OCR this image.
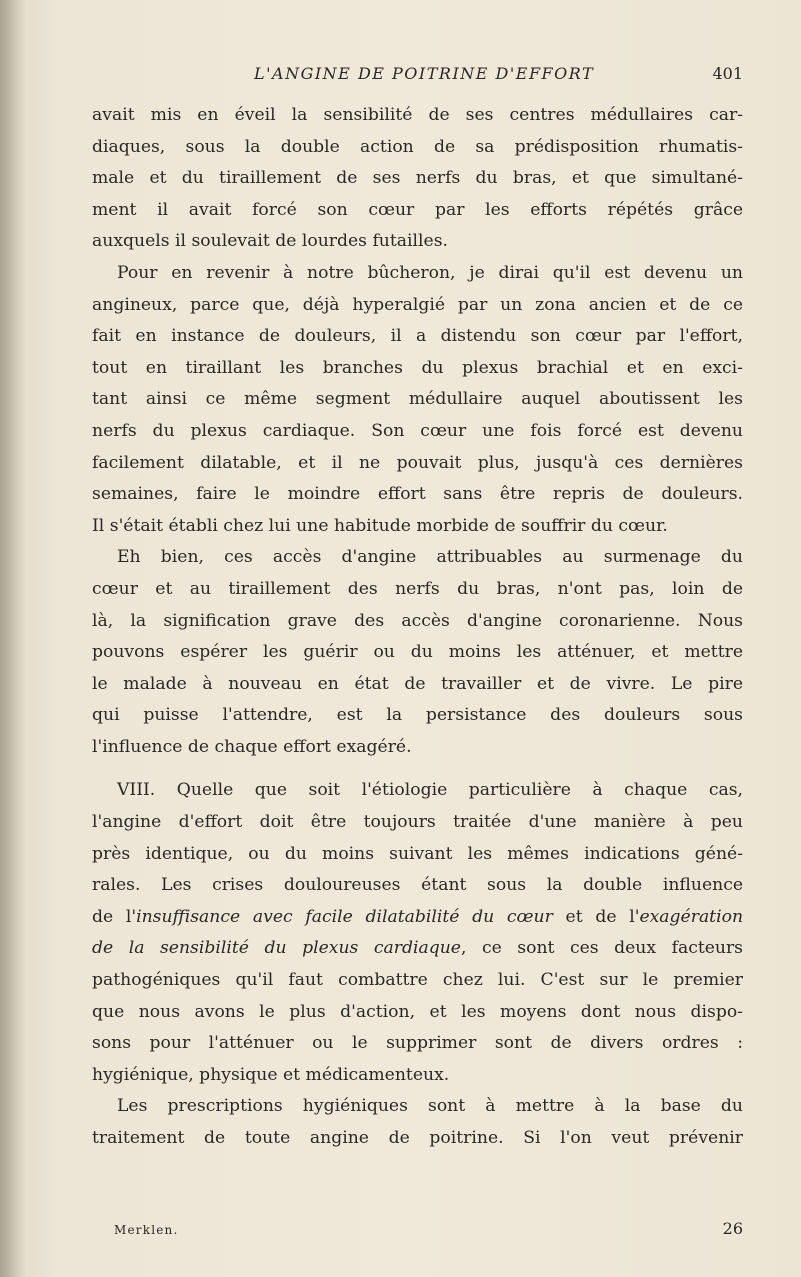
L'ANGINE DE POITRINE D'EFFORT	401
avait mis en éveil la sensibilité de ses centres médullaires car-
diaques, sous la double action de sa prédisposition rhumatis-
male et du tiraillement de ses nerfs du bras, et que simultané-
ment il avait forcé son cœur par les efforts répétés grâce
auxquels il soulevait de lourdes futailles.
Pour en revenir à notre bûcheron, je dirai qu'il est devenu un
angineux, parce que, déjà hyperalgié par un zona ancien et de ce
fait en instance de douleurs, il a distendu son cœur par l'effort,
tout en tiraillant les branches du plexus brachial et en exci-
tant ainsi ce même segment médullaire auquel aboutissent les
nerfs du plexus cardiaque. Son cœur une fois forcé est devenu
facilement dilatable, et il ne pouvait plus, jusqu'à ces dernières
semaines, faire le moindre effort sans être repris de douleurs.
Il s'était établi chez lui une habitude morbide de souffrir du cœur.
Eh bien, ces accès d'angine attribuables au surmenage du
cœur et au tiraillement des nerfs du bras, n'ont pas, loin de
là, la signification grave des accès d'angine coronarienne. Nous
pouvons espérer les guérir ou du moins les atténuer, et mettre
le malade à nouveau en état de travailler et de vivre. Le pire
qui puisse l'attendre, est la persistance des douleurs sous
l'influence de chaque effort exagéré.
VIII. Quelle que soit l'étiologie particulière à chaque cas,
l'angine d'effort doit être toujours traitée d'une manière à peu
près identique, ou du moins suivant les mêmes indications géné-
rales. Les crises douloureuses étant sous la double influence
de l'insuffisance avec facile dilatabilité du cœur et de l'exagération
de la sensibilité du plexus cardiaque, ce sont ces deux facteurs
pathogéniques qu'il faut combattre chez lui. C'est sur le premier
que nous avons le plus d'action, et les moyens dont nous dispo-
sons pour l'atténuer ou le supprimer sont de divers ordres :
hygiénique, physique et médicamenteux.
Les prescriptions hygiéniques sont à mettre à la base du
traitement de toute angine de poitrine. Si l'on veut prévenir
Merklen.	26
